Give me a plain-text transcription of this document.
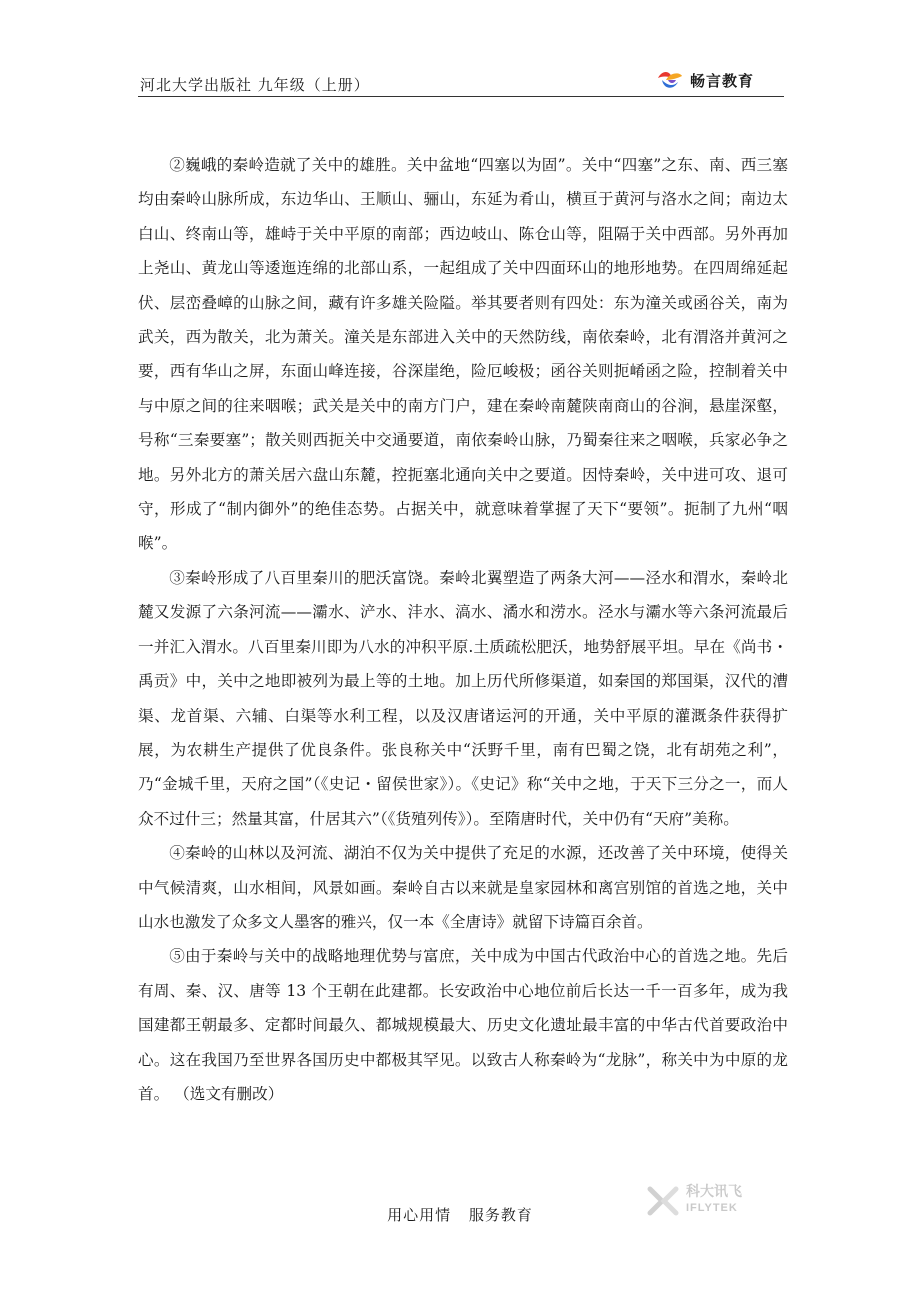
河北大学出版社 九年级（上册）	畅言教育

②巍峨的秦岭造就了关中的雄胜。关中盆地“四塞以为固”。关中“四塞”之东、南、西三塞均由秦岭山脉所成，东边华山、王顺山、骊山，东延为肴山，横亘于黄河与洛水之间；南边太白山、终南山等，雄峙于关中平原的南部；西边岐山、陈仓山等，阻隔于关中西部。另外再加上尧山、黄龙山等逶迤连绵的北部山系，一起组成了关中四面环山的地形地势。在四周绵延起伏、层峦叠嶂的山脉之间，藏有许多雄关险隘。举其要者则有四处：东为潼关或函谷关，南为武关，西为散关，北为萧关。潼关是东部进入关中的天然防线，南依秦岭，北有渭洛并黄河之要，西有华山之屏，东面山峰连接，谷深崖绝，险厄峻极；函谷关则扼崤函之险，控制着关中与中原之间的往来咽喉；武关是关中的南方门户，建在秦岭南麓陕南商山的谷涧，悬崖深壑，号称“三秦要塞”；散关则西扼关中交通要道，南依秦岭山脉，乃蜀秦往来之咽喉，兵家必争之地。另外北方的萧关居六盘山东麓，控扼塞北通向关中之要道。因恃秦岭，关中进可攻、退可守，形成了“制内御外”的绝佳态势。占据关中，就意味着掌握了天下“要领”。扼制了九州“咽喉”。

③秦岭形成了八百里秦川的肥沃富饶。秦岭北翼塑造了两条大河——泾水和渭水，秦岭北麓又发源了六条河流——灞水、浐水、沣水、滈水、潏水和涝水。泾水与灞水等六条河流最后一并汇入渭水。八百里秦川即为八水的冲积平原.土质疏松肥沃，地势舒展平坦。早在《尚书・禹贡》中，关中之地即被列为最上等的土地。加上历代所修渠道，如秦国的郑国渠，汉代的漕渠、龙首渠、六辅、白渠等水利工程，以及汉唐诸运河的开通，关中平原的灌溉条件获得扩展，为农耕生产提供了优良条件。张良称关中“沃野千里，南有巴蜀之饶，北有胡苑之利”，乃“金城千里，天府之国”（《史记・留侯世家》）。《史记》称“关中之地，于天下三分之一，而人众不过什三；然量其富，什居其六”（《货殖列传》）。至隋唐时代，关中仍有“天府”美称。

④秦岭的山林以及河流、湖泊不仅为关中提供了充足的水源，还改善了关中环境，使得关中气候清爽，山水相间，风景如画。秦岭自古以来就是皇家园林和离宫别馆的首选之地，关中山水也激发了众多文人墨客的雅兴，仅一本《全唐诗》就留下诗篇百余首。

⑤由于秦岭与关中的战略地理优势与富庶，关中成为中国古代政治中心的首选之地。先后有周、秦、汉、唐等 13 个王朝在此建都。长安政治中心地位前后长达一千一百多年，成为我国建都王朝最多、定都时间最久、都城规模最大、历史文化遗址最丰富的中华古代首要政治中心。这在我国乃至世界各国历史中都极其罕见。以致古人称秦岭为“龙脉”，称关中为中原的龙首。 （选文有删改）

科大讯飞
IFLYTEK
用心用情 服务教育
